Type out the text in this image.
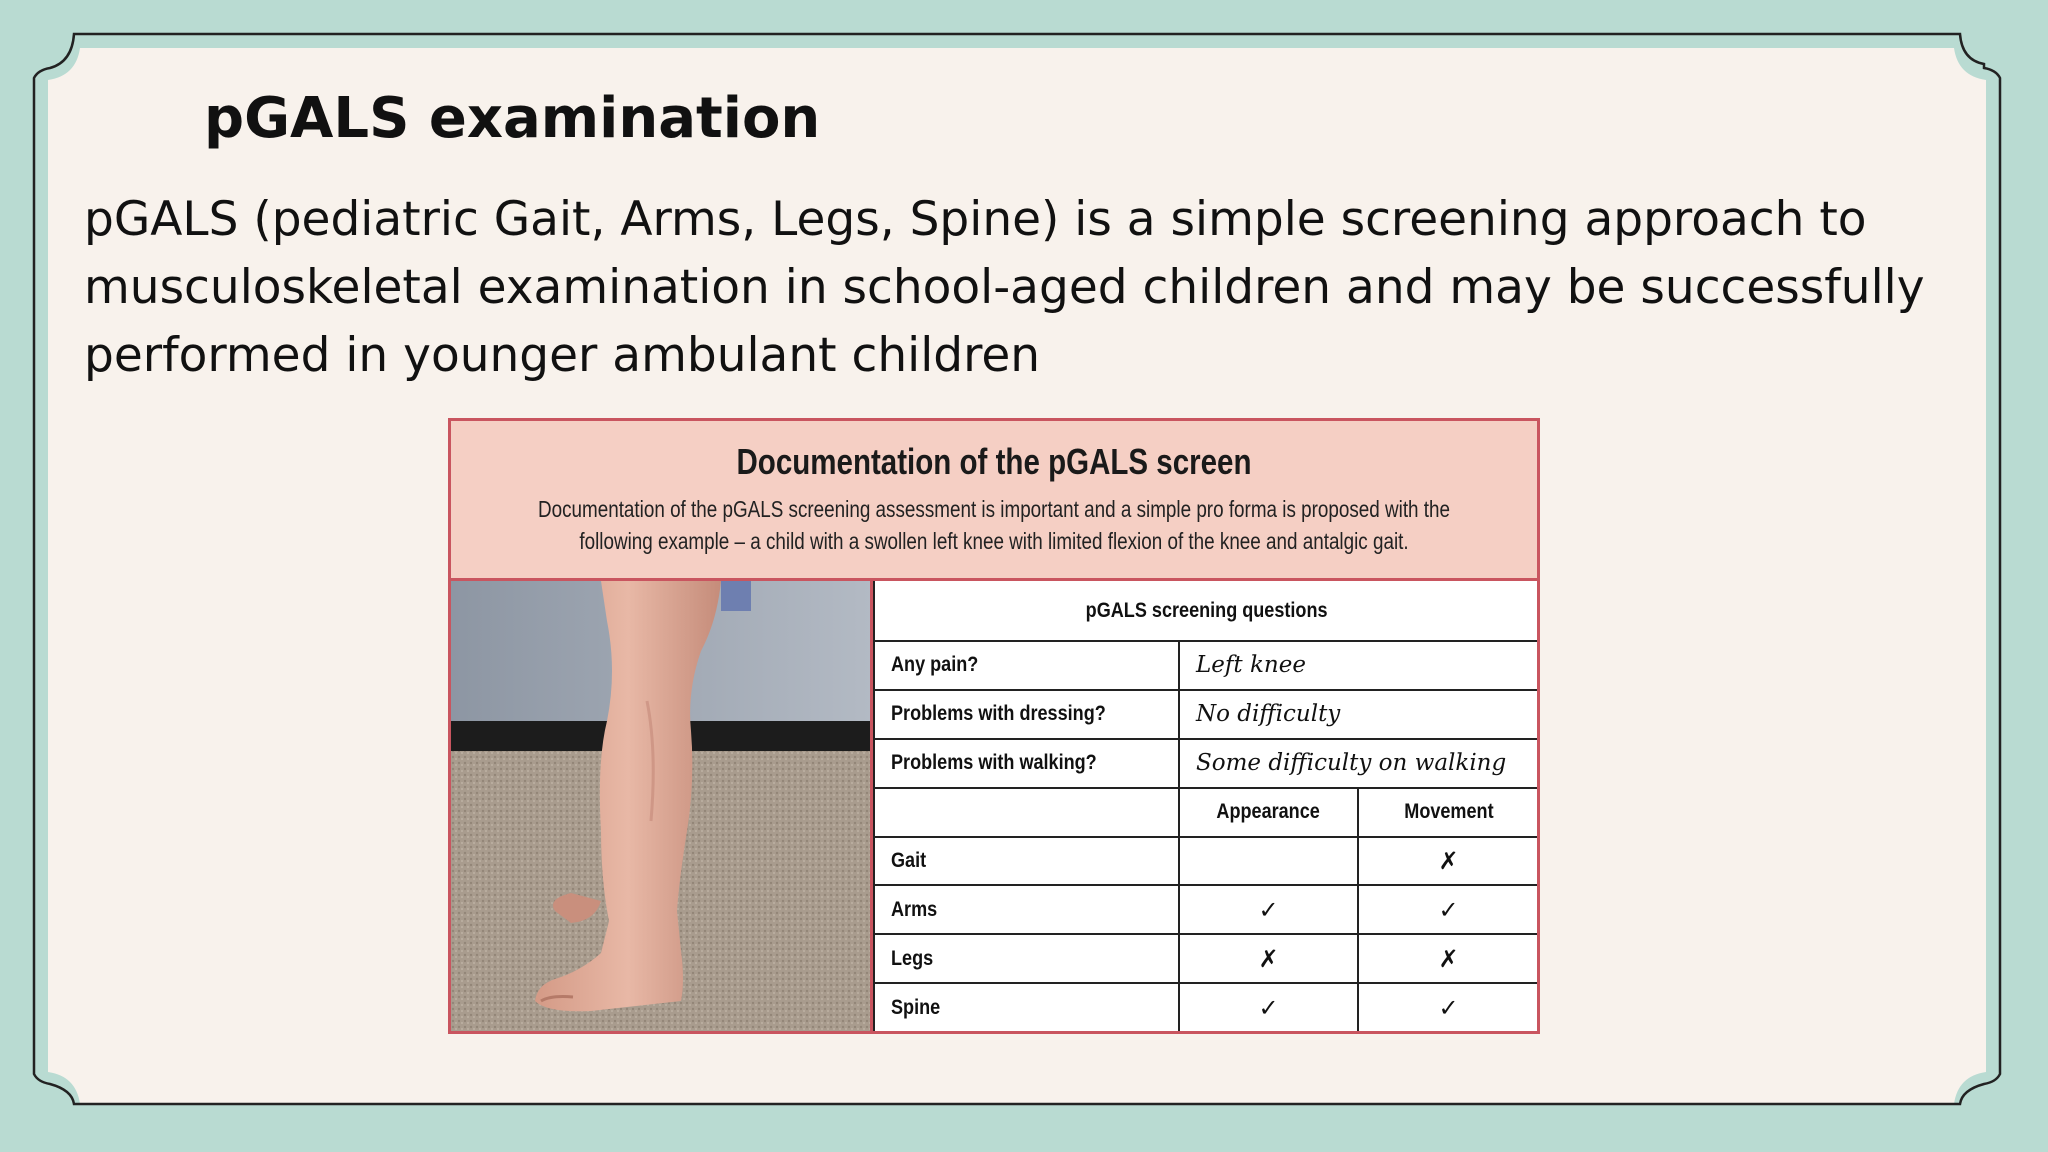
pGALS examination

pGALS (pediatric Gait, Arms, Legs, Spine) is a simple screening approach to musculoskeletal examination in school-aged children and may be successfully performed in younger ambulant children

Documentation of the pGALS screen
Documentation of the pGALS screening assessment is important and a simple pro forma is proposed with the following example – a child with a swollen left knee with limited flexion of the knee and antalgic gait.
pGALS screening questions		
Any pain?	Left knee	
Problems with dressing?	No difficulty	
Problems with walking?	Some difficulty on walking	
	Appearance	Movement
Gait		✗
Arms	✓	✓
Legs	✗	✗
Spine	✓	✓
